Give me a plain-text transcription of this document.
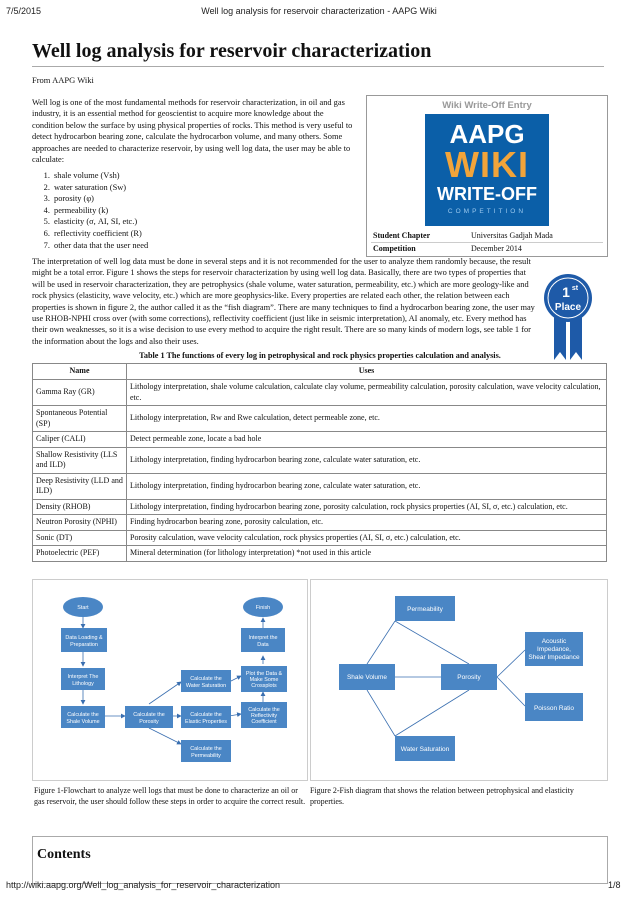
7/5/2015	Well log analysis for reservoir characterization - AAPG Wiki
Well log analysis for reservoir characterization
From AAPG Wiki
Well log is one of the most fundamental methods for reservoir characterization, in oil and gas industry, it is an essential method for geoscientist to acquire more knowledge about the condition below the surface by using physical properties of rocks. This method is very useful to detect hydrocarbon bearing zone, calculate the hydrocarbon volume, and many others. Some approaches are needed to characterize reservoir, by using well log data, the user may be able to calculate:
1. shale volume (Vsh)
2. water saturation (Sw)
3. porosity (φ)
4. permeability (k)
5. elasticity (σ, AI, SI, etc.)
6. reflectivity coefficient (R)
7. other data that the user need
Wiki Write-Off Entry
AAPG
WIKI
WRITE-OFF
COMPETITION
Student Chapter	Universitas Gadjah Mada
Competition	December 2014
The interpretation of well log data must be done in several steps and it is not recommended for the user to analyze them randomly because, the result might be a total error. Figure 1 shows the steps for reservoir characterization by using well log data. Basically, there are two types of properties that will be used in reservoir characterization, they are petrophysics (shale volume, water saturation, permeability, etc.) which are more geology-like and rock physics (elasticity, wave velocity, etc.) which are more geophysics-like. Every properties are related each other, the relation between each properties is shown in figure 2, the author called it as the “fish diagram”. There are many techniques to find a hydrocarbon bearing zone, the user may use RHOB-NPHI cross over (with some corrections), reflectivity coefficient (just like in seismic interpretation), AI anomaly, etc. Every method has their own weaknesses, so it is a wise decision to use every method to acquire the right result. There are so many kinds of modern logs, see table 1 for the information about the logs and also their uses.
1 st
Place
Table 1 The functions of every log in petrophysical and rock physics properties calculation and analysis.
Name	Uses
Gamma Ray (GR)	Lithology interpretation, shale volume calculation, calculate clay volume, permeability calculation, porosity calculation, wave velocity calculation, etc.
Spontaneous Potential (SP)	Lithology interpretation, Rw and Rwe calculation, detect permeable zone, etc.
Caliper (CALI)	Detect permeable zone, locate a bad hole
Shallow Resistivity (LLS and ILD)	Lithology interpretation, finding hydrocarbon bearing zone, calculate water saturation, etc.
Deep Resistivity (LLD and ILD)	Lithology interpretation, finding hydrocarbon bearing zone, calculate water saturation, etc.
Density (RHOB)	Lithology interpretation, finding hydrocarbon bearing zone, porosity calculation, rock physics properties (AI, SI, σ, etc.) calculation, etc.
Neutron Porosity (NPHI)	Finding hydrocarbon bearing zone, porosity calculation, etc.
Sonic (DT)	Porosity calculation, wave velocity calculation, rock physics properties (AI, SI, σ, etc.) calculation, etc.
Photoelectric (PEF)	Mineral determination (for lithology interpretation) *not used in this article
Start	Finish
Data Loading &
Preparation
Interpret The
Lithology
Calculate the
Shale Volume
Calculate the
Porosity
Calculate the
Water Saturation
Calculate the
Elastic Properties
Calculate the
Permeability
Plot the Data &
Make Some
Crossplots
Calculate the
Reflectivity
Coefficient
Interpret the
Data
Permeability
Shale Volume	Porosity
Water Saturation
Acoustic
Impedance,
Shear Impedance
Poisson Ratio
Figure 1-Flowchart to analyze well logs that must be done to characterize an oil or gas reservoir, the user should follow these steps in order to acquire the correct result.
Figure 2-Fish diagram that shows the relation between petrophysical and elasticity properties.
Contents
http://wiki.aapg.org/Well_log_analysis_for_reservoir_characterization	1/8
